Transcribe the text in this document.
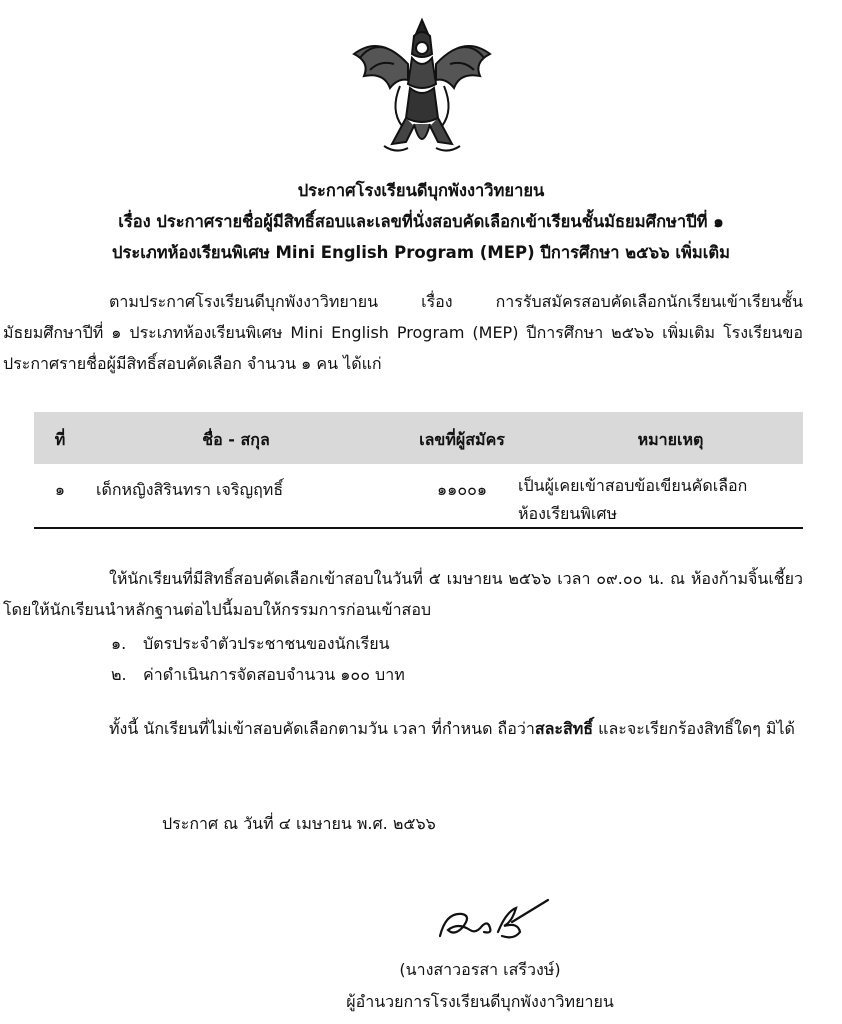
ประกาศโรงเรียนดีบุกพังงาวิทยายน
เรื่อง ประกาศรายชื่อผู้มีสิทธิ์สอบและเลขที่นั่งสอบคัดเลือกเข้าเรียนชั้นมัธยมศึกษาปีที่ ๑
ประเภทห้องเรียนพิเศษ Mini English Program (MEP) ปีการศึกษา ๒๕๖๖ เพิ่มเติม
ตามประกาศโรงเรียนดีบุกพังงาวิทยายน เรื่อง การรับสมัครสอบคัดเลือกนักเรียนเข้าเรียนชั้นมัธยมศึกษาปีที่ ๑ ประเภทห้องเรียนพิเศษ Mini English Program (MEP) ปีการศึกษา ๒๕๖๖ เพิ่มเติม โรงเรียนขอประกาศรายชื่อผู้มีสิทธิ์สอบคัดเลือก จำนวน ๑ คน ได้แก่
ที่	ชื่อ - สกุล	เลขที่ผู้สมัคร	หมายเหตุ
๑	เด็กหญิงสิรินทรา เจริญฤทธิ์	๑๑๐๐๑	เป็นผู้เคยเข้าสอบข้อเขียนคัดเลือก
ห้องเรียนพิเศษ
ให้นักเรียนที่มีสิทธิ์สอบคัดเลือกเข้าสอบในวันที่ ๕ เมษายน ๒๕๖๖ เวลา ๐๙.๐๐ น. ณ ห้องก้ามจิ้นเชี้ยว โดยให้นักเรียนนำหลักฐานต่อไปนี้มอบให้กรรมการก่อนเข้าสอบ
๑. บัตรประจำตัวประชาชนของนักเรียน
๒. ค่าดำเนินการจัดสอบจำนวน ๑๐๐ บาท
ทั้งนี้ นักเรียนที่ไม่เข้าสอบคัดเลือกตามวัน เวลา ที่กำหนด ถือว่าสละสิทธิ์ และจะเรียกร้องสิทธิ์ใดๆ มิได้
ประกาศ ณ วันที่ ๔ เมษายน พ.ศ. ๒๕๖๖
(นางสาวอรสา เสรีวงษ์)
ผู้อำนวยการโรงเรียนดีบุกพังงาวิทยายน
